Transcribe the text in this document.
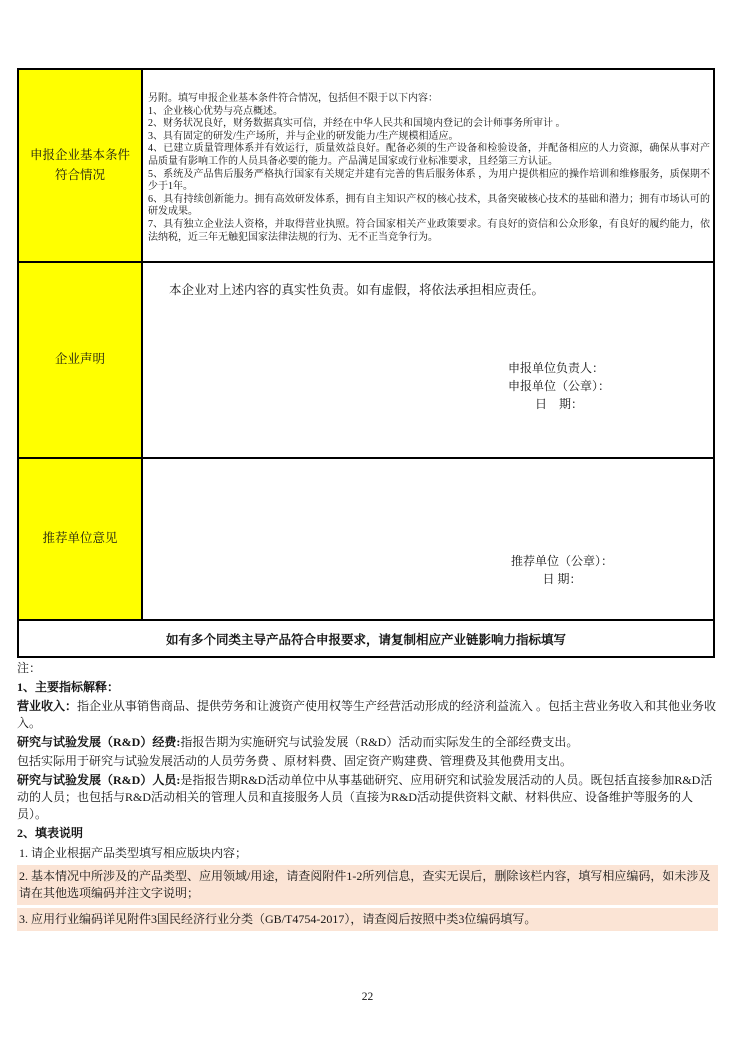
申报企业基本条件符合情况
另附。填写申报企业基本条件符合情况，包括但不限于以下内容：
1、企业核心优势与亮点概述。
2、财务状况良好，财务数据真实可信，并经在中华人民共和国境内登记的会计师事务所审计 。
3、具有固定的研发/生产场所，并与企业的研发能力/生产规模相适应。
4、已建立质量管理体系并有效运行，质量效益良好。配备必须的生产设备和检验设备，并配备相应的人力资源，确保从事对产品质量有影响工作的人员具备必要的能力。产品满足国家或行业标准要求，且经第三方认证。
5、系统及产品售后服务严格执行国家有关规定并建有完善的售后服务体系 ，为用户提供相应的操作培训和维修服务，质保期不少于1年。
6、具有持续创新能力。拥有高效研发体系，拥有自主知识产权的核心技术，具备突破核心技术的基础和潜力；拥有市场认可的研发成果。
7、具有独立企业法人资格，并取得营业执照。符合国家相关产业政策要求。有良好的资信和公众形象，有良好的履约能力，依法纳税，近三年无触犯国家法律法规的行为、无不正当竞争行为。
企业声明
本企业对上述内容的真实性负责。如有虚假，将依法承担相应责任。
申报单位负责人：
申报单位（公章）：
日　期：
推荐单位意见
推荐单位（公章）：
日 期：
如有多个同类主导产品符合申报要求，请复制相应产业链影响力指标填写

注：

1、主要指标解释：

营业收入：指企业从事销售商品、提供劳务和让渡资产使用权等生产经营活动形成的经济利益流入 。包括主营业务收入和其他业务收入。

研究与试验发展（R&D）经费:指报告期为实施研究与试验发展（R&D）活动而实际发生的全部经费支出。

包括实际用于研究与试验发展活动的人员劳务费 、原材料费、固定资产购建费、管理费及其他费用支出。

研究与试验发展（R&D）人员:是指报告期R&D活动单位中从事基础研究、应用研究和试验发展活动的人员。既包括直接参加R&D活动的人员；也包括与R&D活动相关的管理人员和直接服务人员（直接为R&D活动提供资料文献、材料供应、设备维护等服务的人员）。

2、填表说明

1. 请企业根据产品类型填写相应版块内容；

2. 基本情况中所涉及的产品类型、应用领域/用途，请查阅附件1-2所列信息，查实无误后，删除该栏内容，填写相应编码，如未涉及请在其他选项编码并注文字说明；

3. 应用行业编码详见附件3国民经济行业分类（GB/T4754-2017），请查阅后按照中类3位编码填写。

22
